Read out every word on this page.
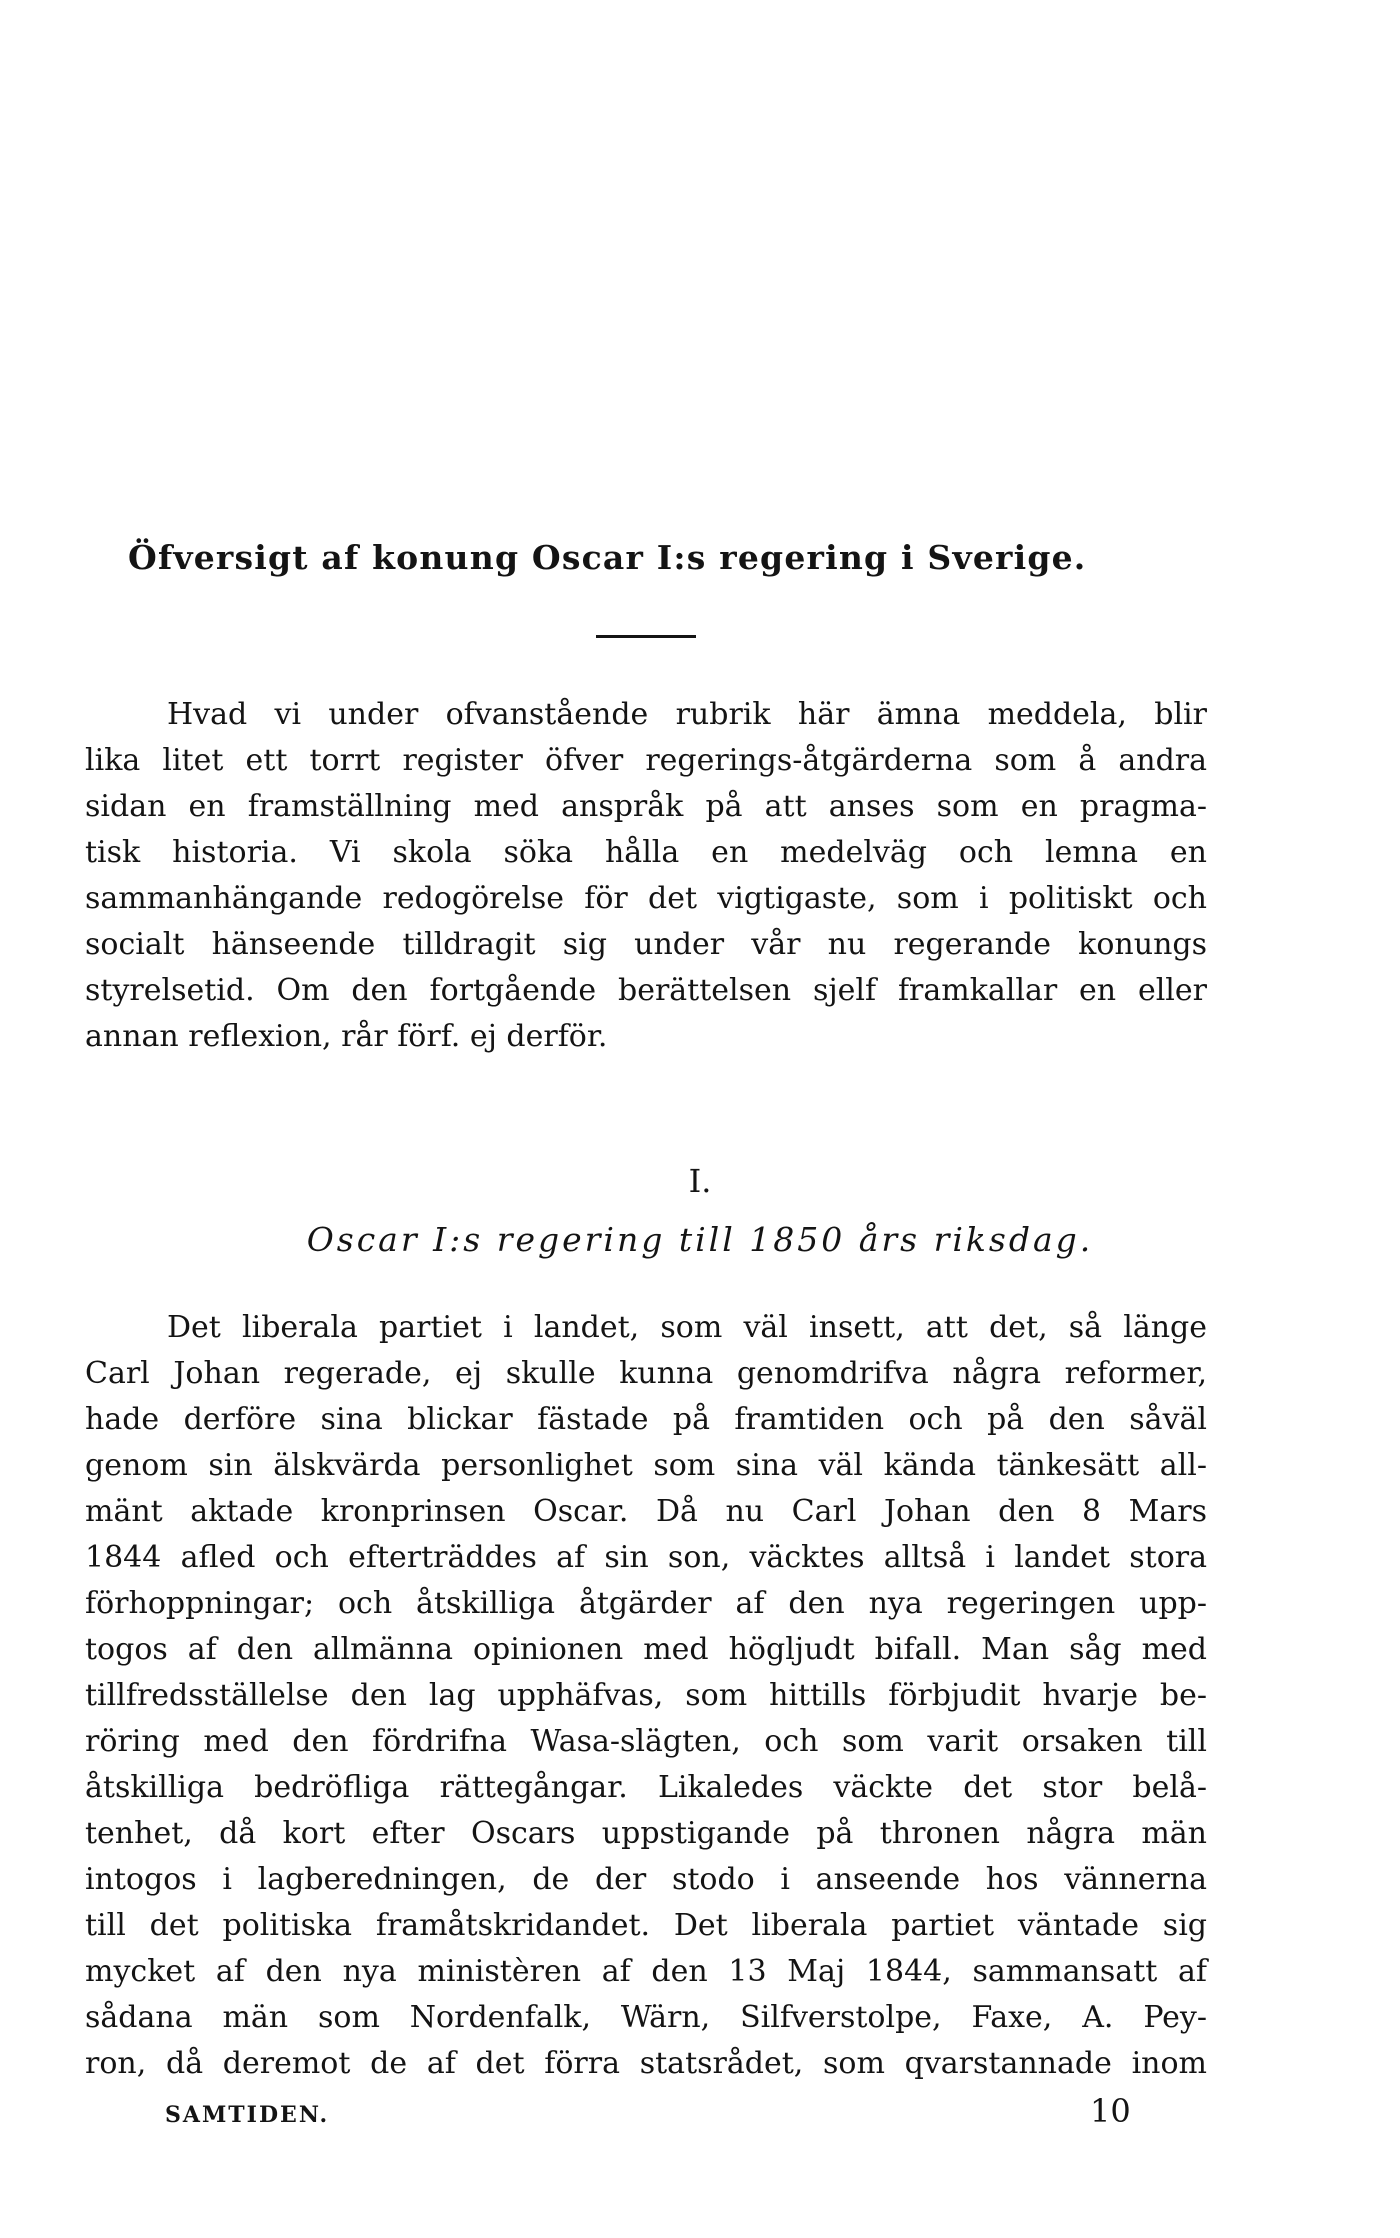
Öfversigt af konung Oscar I:s regering i Sverige.
Hvad vi under ofvanstående rubrik här ämna meddela, blir
lika litet ett torrt register öfver regerings-åtgärderna som å andra
sidan en framställning med anspråk på att anses som en pragma-
tisk historia. Vi skola söka hålla en medelväg och lemna en
sammanhängande redogörelse för det vigtigaste, som i politiskt och
socialt hänseende tilldragit sig under vår nu regerande konungs
styrelsetid. Om den fortgående berättelsen sjelf framkallar en eller
annan reflexion, rår förf. ej derför.
I.
Oscar I:s regering till 1850 års riksdag.
Det liberala partiet i landet, som väl insett, att det, så länge
Carl Johan regerade, ej skulle kunna genomdrifva några reformer,
hade derföre sina blickar fästade på framtiden och på den såväl
genom sin älskvärda personlighet som sina väl kända tänkesätt all-
mänt aktade kronprinsen Oscar. Då nu Carl Johan den 8 Mars
1844 afled och efterträddes af sin son, väcktes alltså i landet stora
förhoppningar; och åtskilliga åtgärder af den nya regeringen upp-
togos af den allmänna opinionen med högljudt bifall. Man såg med
tillfredsställelse den lag upphäfvas, som hittills förbjudit hvarje be-
röring med den fördrifna Wasa-slägten, och som varit orsaken till
åtskilliga bedröfliga rättegångar. Likaledes väckte det stor belå-
tenhet, då kort efter Oscars uppstigande på thronen några män
intogos i lagberedningen, de der stodo i anseende hos vännerna
till det politiska framåtskridandet. Det liberala partiet väntade sig
mycket af den nya ministèren af den 13 Maj 1844, sammansatt af
sådana män som Nordenfalk, Wärn, Silfverstolpe, Faxe, A. Pey-
ron, då deremot de af det förra statsrådet, som qvarstannade inom
SAMTIDEN.	10
